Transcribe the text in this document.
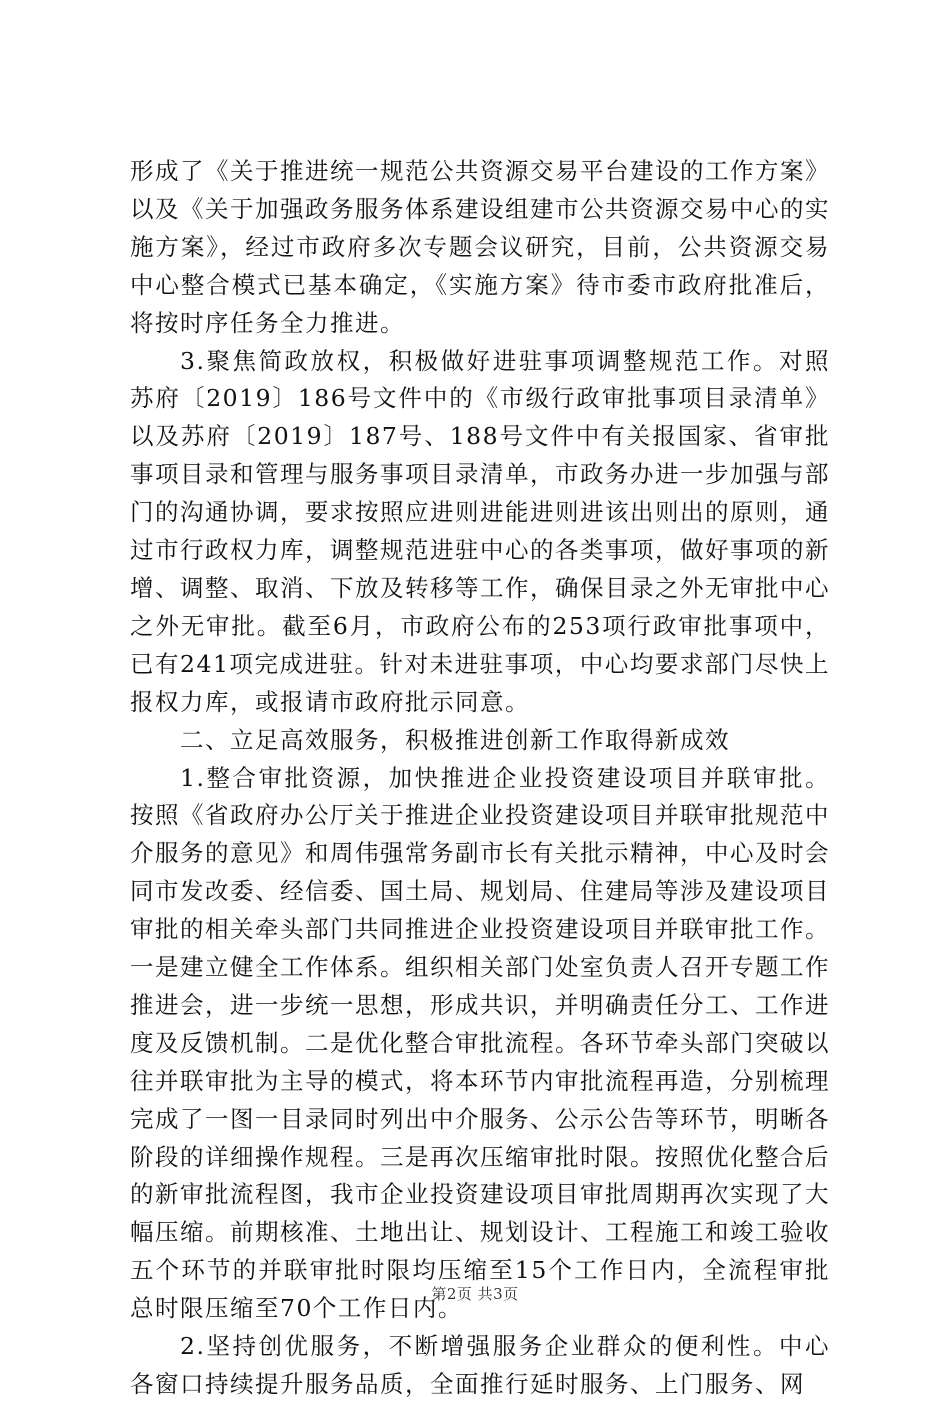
形成了《关于推进统一规范公共资源交易平台建设的工作方案》以及《关于加强政务服务体系建设组建市公共资源交易中心的实施方案》，经过市政府多次专题会议研究，目前，公共资源交易中心整合模式已基本确定，《实施方案》待市委市政府批准后，将按时序任务全力推进。

3.聚焦简政放权，积极做好进驻事项调整规范工作。对照苏府〔2019〕186号文件中的《市级行政审批事项目录清单》以及苏府〔2019〕187号、188号文件中有关报国家、省审批事项目录和管理与服务事项目录清单，市政务办进一步加强与部门的沟通协调，要求按照应进则进能进则进该出则出的原则，通过市行政权力库，调整规范进驻中心的各类事项，做好事项的新增、调整、取消、下放及转移等工作，确保目录之外无审批中心之外无审批。截至6月，市政府公布的253项行政审批事项中，已有241项完成进驻。针对未进驻事项，中心均要求部门尽快上报权力库，或报请市政府批示同意。

二、立足高效服务，积极推进创新工作取得新成效

1.整合审批资源，加快推进企业投资建设项目并联审批。按照《省政府办公厅关于推进企业投资建设项目并联审批规范中介服务的意见》和周伟强常务副市长有关批示精神，中心及时会同市发改委、经信委、国土局、规划局、住建局等涉及建设项目审批的相关牵头部门共同推进企业投资建设项目并联审批工作。一是建立健全工作体系。组织相关部门处室负责人召开专题工作推进会，进一步统一思想，形成共识，并明确责任分工、工作进度及反馈机制。二是优化整合审批流程。各环节牵头部门突破以往并联审批为主导的模式，将本环节内审批流程再造，分别梳理完成了一图一目录同时列出中介服务、公示公告等环节，明晰各阶段的详细操作规程。三是再次压缩审批时限。按照优化整合后的新审批流程图，我市企业投资建设项目审批周期再次实现了大幅压缩。前期核准、土地出让、规划设计、工程施工和竣工验收五个环节的并联审批时限均压缩至15个工作日内，全流程审批总时限压缩至70个工作日内。

2.坚持创优服务，不断增强服务企业群众的便利性。中心各窗口持续提升服务品质，全面推行延时服务、上门服务、网

第2页 共3页
